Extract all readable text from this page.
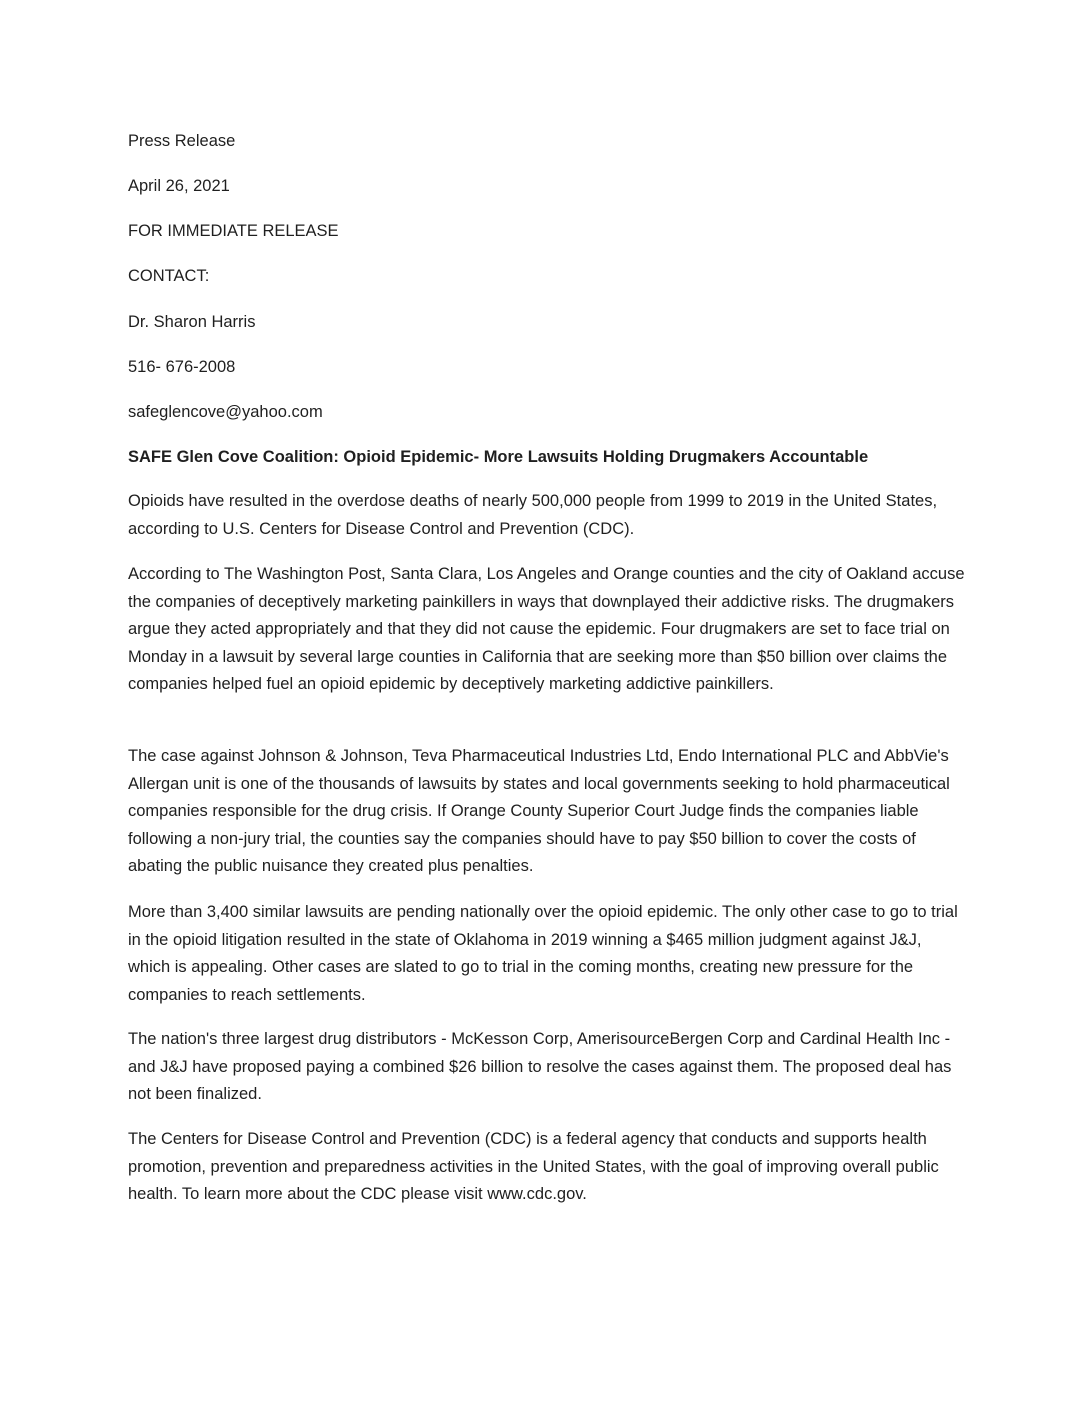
Press Release
April 26, 2021
FOR IMMEDIATE RELEASE
CONTACT:
Dr. Sharon Harris
516- 676-2008
safeglencove@yahoo.com
SAFE Glen Cove Coalition: Opioid Epidemic- More Lawsuits Holding Drugmakers Accountable

Opioids have resulted in the overdose deaths of nearly 500,000 people from 1999 to 2019 in the United States, according to U.S. Centers for Disease Control and Prevention (CDC).

According to The Washington Post, Santa Clara, Los Angeles and Orange counties and the city of Oakland accuse the companies of deceptively marketing painkillers in ways that downplayed their addictive risks. The drugmakers argue they acted appropriately and that they did not cause the epidemic. Four drugmakers are set to face trial on Monday in a lawsuit by several large counties in California that are seeking more than $50 billion over claims the companies helped fuel an opioid epidemic by deceptively marketing addictive painkillers.

The case against Johnson & Johnson, Teva Pharmaceutical Industries Ltd, Endo International PLC and AbbVie's Allergan unit is one of the thousands of lawsuits by states and local governments seeking to hold pharmaceutical companies responsible for the drug crisis. If Orange County Superior Court Judge finds the companies liable following a non-jury trial, the counties say the companies should have to pay $50 billion to cover the costs of abating the public nuisance they created plus penalties.

More than 3,400 similar lawsuits are pending nationally over the opioid epidemic. The only other case to go to trial in the opioid litigation resulted in the state of Oklahoma in 2019 winning a $465 million judgment against J&J, which is appealing. Other cases are slated to go to trial in the coming months, creating new pressure for the companies to reach settlements.

The nation's three largest drug distributors - McKesson Corp, AmerisourceBergen Corp and Cardinal Health Inc - and J&J have proposed paying a combined $26 billion to resolve the cases against them. The proposed deal has not been finalized.

The Centers for Disease Control and Prevention (CDC) is a federal agency that conducts and supports health promotion, prevention and preparedness activities in the United States, with the goal of improving overall public health. To learn more about the CDC please visit www.cdc.gov.
